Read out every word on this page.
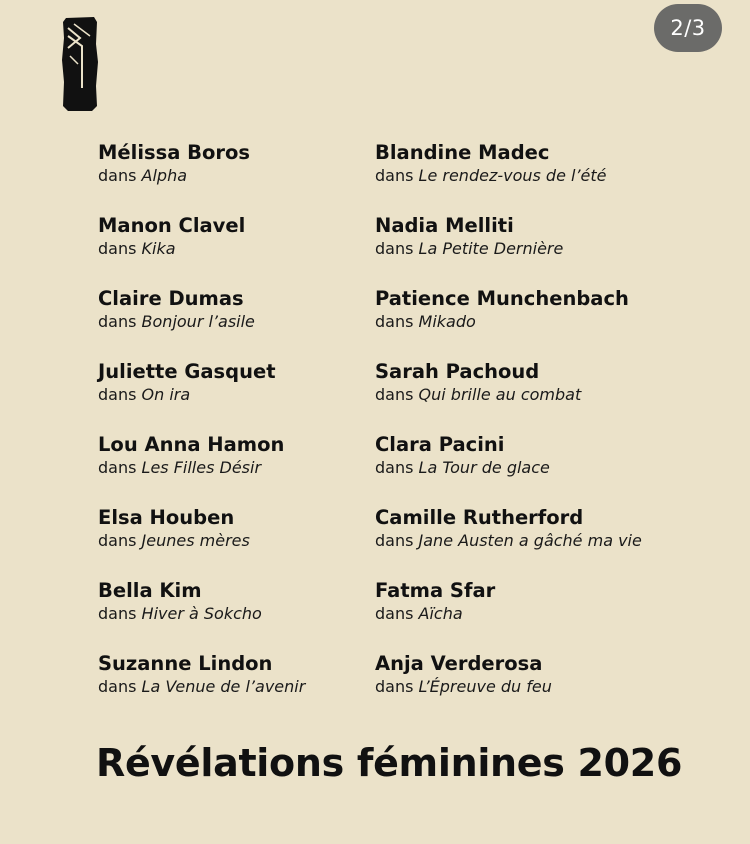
2/3
Mélissa Boros
dans Alpha
Manon Clavel
dans Kika
Claire Dumas
dans Bonjour l’asile
Juliette Gasquet
dans On ira
Lou Anna Hamon
dans Les Filles Désir
Elsa Houben
dans Jeunes mères
Bella Kim
dans Hiver à Sokcho
Suzanne Lindon
dans La Venue de l’avenir
Blandine Madec
dans Le rendez-vous de l’été
Nadia Melliti
dans La Petite Dernière
Patience Munchenbach
dans Mikado
Sarah Pachoud
dans Qui brille au combat
Clara Pacini
dans La Tour de glace
Camille Rutherford
dans Jane Austen a gâché ma vie
Fatma Sfar
dans Aïcha
Anja Verderosa
dans L’Épreuve du feu
Révélations féminines 2026
